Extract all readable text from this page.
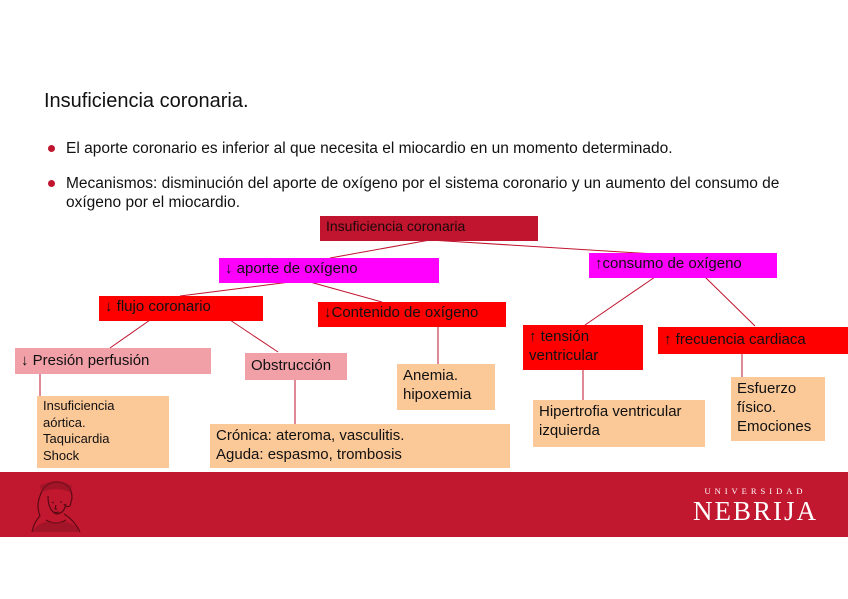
Insuficiencia coronaria.
El aporte coronario es inferior al que necesita el miocardio en un momento determinado.
Mecanismos: disminución del aporte de oxígeno por el sistema coronario y un aumento del consumo de oxígeno por el miocardio.
Insuficiencia coronaria
↓ aporte de oxígeno	↑consumo de oxígeno
↓ flujo coronario	↓Contenido de oxígeno
↑ tensión
ventricular
↑ frecuencia cardiaca
↓ Presión perfusión	Obstrucción
Anemia.
hipoxemia
Insuficiencia
aórtica.
Taquicardia
Shock
Crónica: ateroma, vasculitis.
Aguda: espasmo, trombosis
Hipertrofia ventricular
izquierda
Esfuerzo
físico.
Emociones
UNIVERSIDAD
NEBRIJA
